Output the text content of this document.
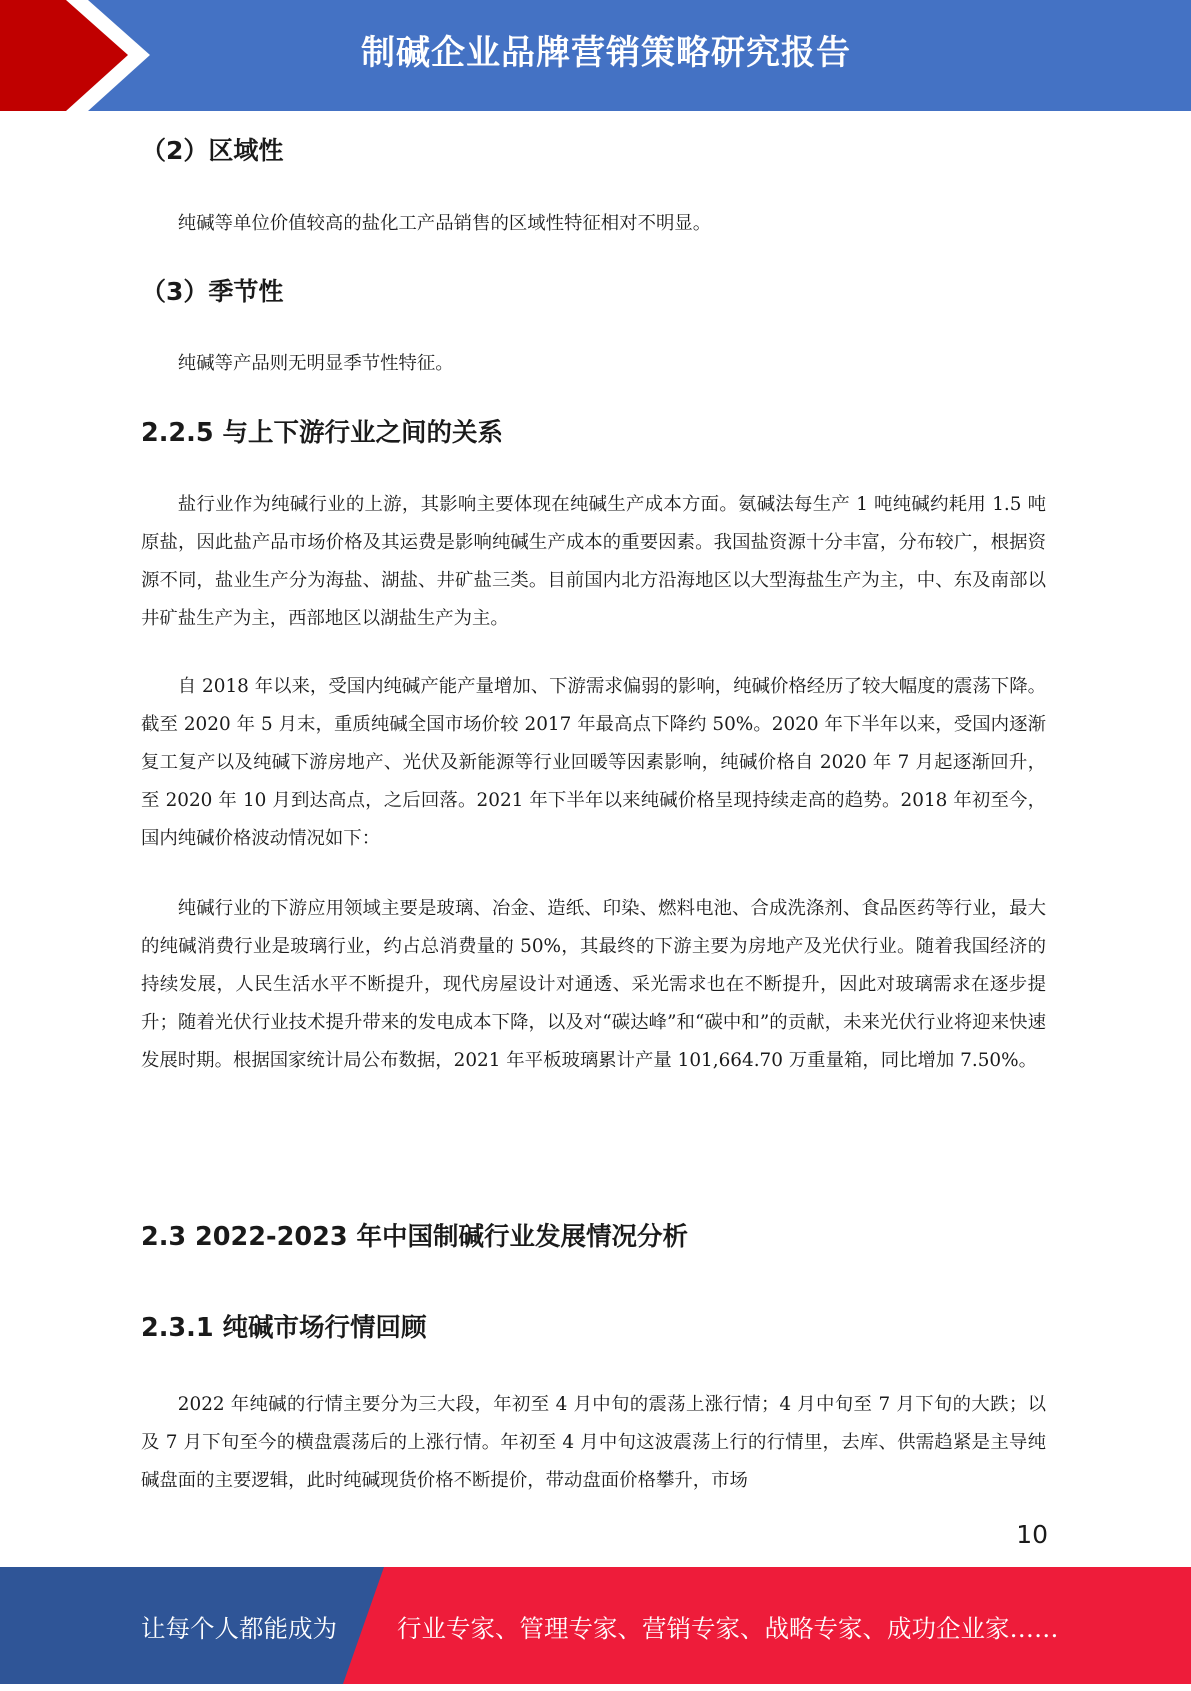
制碱企业品牌营销策略研究报告
（2）区域性

纯碱等单位价值较高的盐化工产品销售的区域性特征相对不明显。

（3）季节性

纯碱等产品则无明显季节性特征。

2.2.5 与上下游行业之间的关系

盐行业作为纯碱行业的上游，其影响主要体现在纯碱生产成本方面。氨碱法每生产 1 吨纯碱约耗用 1.5 吨原盐，因此盐产品市场价格及其运费是影响纯碱生产成本的重要因素。我国盐资源十分丰富，分布较广，根据资源不同，盐业生产分为海盐、湖盐、井矿盐三类。目前国内北方沿海地区以大型海盐生产为主，中、东及南部以井矿盐生产为主，西部地区以湖盐生产为主。

自 2018 年以来，受国内纯碱产能产量增加、下游需求偏弱的影响，纯碱价格经历了较大幅度的震荡下降。截至 2020 年 5 月末，重质纯碱全国市场价较 2017 年最高点下降约 50%。2020 年下半年以来，受国内逐渐复工复产以及纯碱下游房地产、光伏及新能源等行业回暖等因素影响，纯碱价格自 2020 年 7 月起逐渐回升，至 2020 年 10 月到达高点，之后回落。2021 年下半年以来纯碱价格呈现持续走高的趋势。2018 年初至今，国内纯碱价格波动情况如下：

纯碱行业的下游应用领域主要是玻璃、冶金、造纸、印染、燃料电池、合成洗涤剂、食品医药等行业，最大的纯碱消费行业是玻璃行业，约占总消费量的 50%，其最终的下游主要为房地产及光伏行业。随着我国经济的持续发展，人民生活水平不断提升，现代房屋设计对通透、采光需求也在不断提升，因此对玻璃需求在逐步提升；随着光伏行业技术提升带来的发电成本下降，以及对“碳达峰”和“碳中和”的贡献，未来光伏行业将迎来快速发展时期。根据国家统计局公布数据，2021 年平板玻璃累计产量 101,664.70 万重量箱，同比增加 7.50%。

2.3 2022-2023 年中国制碱行业发展情况分析
2.3.1 纯碱市场行情回顾

2022 年纯碱的行情主要分为三大段，年初至 4 月中旬的震荡上涨行情；4 月中旬至 7 月下旬的大跌；以及 7 月下旬至今的横盘震荡后的上涨行情。年初至 4 月中旬这波震荡上行的行情里，去库、供需趋紧是主导纯碱盘面的主要逻辑，此时纯碱现货价格不断提价，带动盘面价格攀升，市场

10
让每个人都能成为 行业专家、管理专家、营销专家、战略专家、成功企业家……
